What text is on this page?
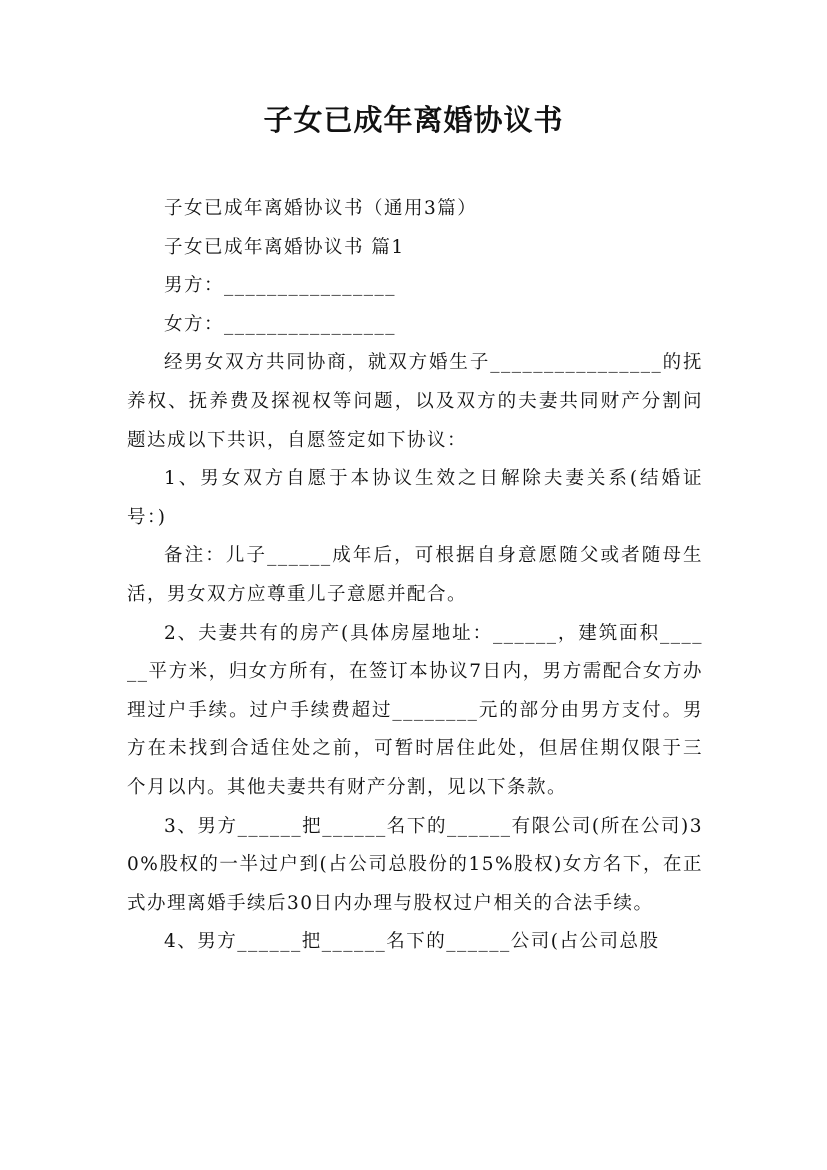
子女已成年离婚协议书

子女已成年离婚协议书（通用3篇）

子女已成年离婚协议书 篇1

男方：________________

女方：________________

经男女双方共同协商，就双方婚生子________________的抚养权、抚养费及探视权等问题，以及双方的夫妻共同财产分割问题达成以下共识，自愿签定如下协议：

1、男女双方自愿于本协议生效之日解除夫妻关系(结婚证号：)

备注：儿子______成年后，可根据自身意愿随父或者随母生活，男女双方应尊重儿子意愿并配合。

2、夫妻共有的房产(具体房屋地址：______，建筑面积______平方米，归女方所有，在签订本协议7日内，男方需配合女方办理过户手续。过户手续费超过________元的部分由男方支付。男方在未找到合适住处之前，可暂时居住此处，但居住期仅限于三个月以内。其他夫妻共有财产分割，见以下条款。

3、男方______把______名下的______有限公司(所在公司)30%股权的一半过户到(占公司总股份的15%股权)女方名下，在正式办理离婚手续后30日内办理与股权过户相关的合法手续。

4、男方______把______名下的______公司(占公司总股
